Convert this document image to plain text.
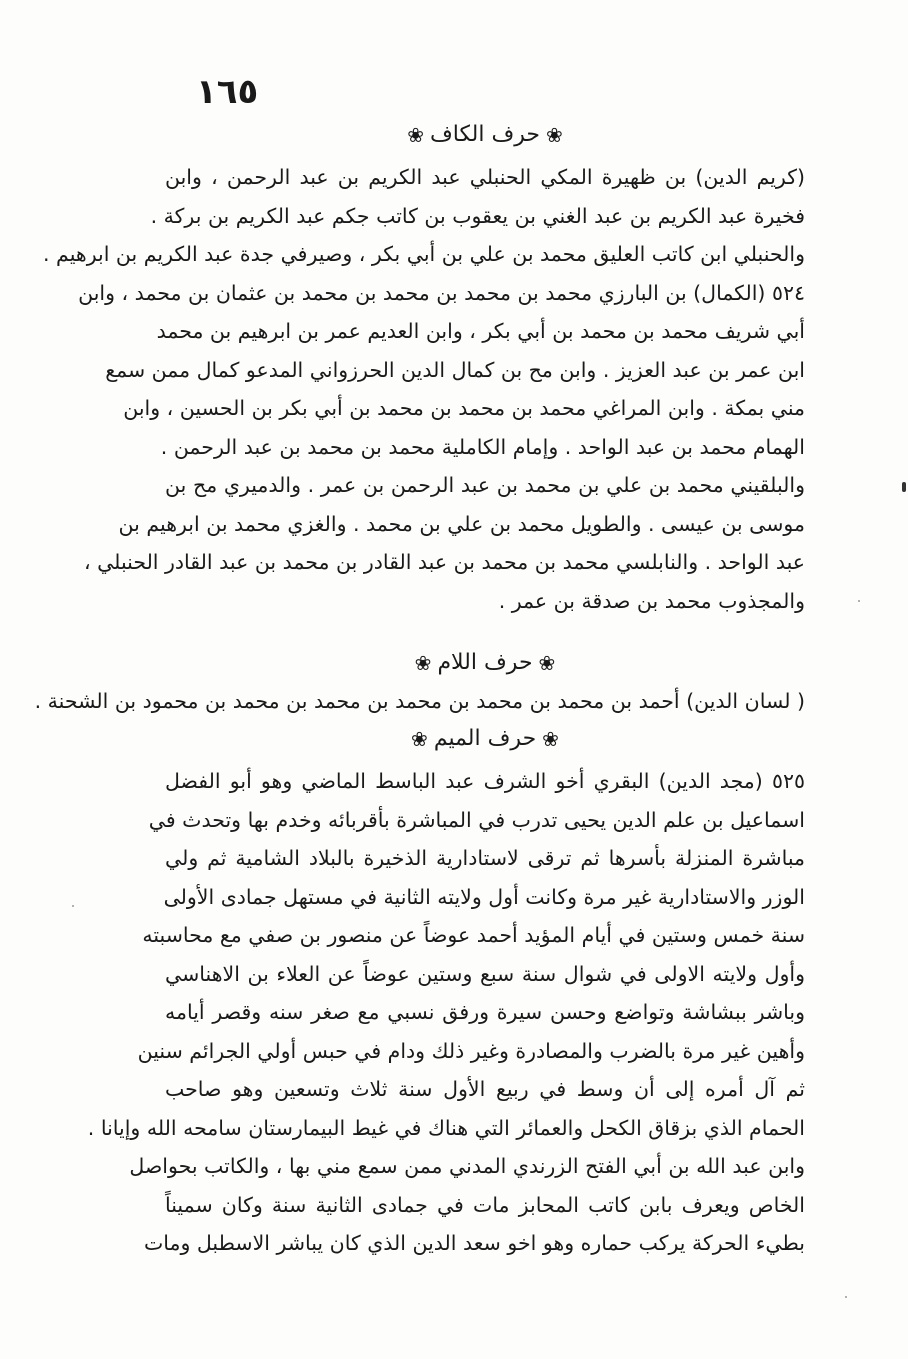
١٦٥
❀حرف الكاف❀
(كريم الدين) بن ظهيرة المكي الحنبلي عبد الكريم بن عبد الرحمن ، وابن
فخيرة عبد الكريم بن عبد الغني بن يعقوب بن كاتب جكم عبد الكريم بن بركة .
والحنبلي ابن كاتب العليق محمد بن علي بن أبي بكر ، وصيرفي جدة عبد الكريم بن ابرهيم .
٥٢٤ (الكمال) بن البارزي محمد بن محمد بن محمد بن محمد بن عثمان بن محمد ، وابن
أبي شريف محمد بن محمد بن أبي بكر ، وابن العديم عمر بن ابرهيم بن محمد
ابن عمر بن عبد العزيز . وابن مح بن كمال الدين الحرزواني المدعو كمال ممن سمع
مني بمكة . وابن المراغي محمد بن محمد بن محمد بن أبي بكر بن الحسين ، وابن
الهمام محمد بن عبد الواحد . وإمام الكاملية محمد بن محمد بن عبد الرحمن .
والبلقيني محمد بن علي بن محمد بن عبد الرحمن بن عمر . والدميري مح بن
موسى بن عيسى . والطويل محمد بن علي بن محمد . والغزي محمد بن ابرهيم بن
عبد الواحد . والنابلسي محمد بن محمد بن عبد القادر بن محمد بن عبد القادر الحنبلي ،
والمجذوب محمد بن صدقة بن عمر .
❀حرف اللام❀
( لسان الدين) أحمد بن محمد بن محمد بن محمد بن محمد بن محمد بن محمود بن الشحنة .
❀حرف الميم❀
٥٢٥ (مجد الدين) البقري أخو الشرف عبد الباسط الماضي وهو أبو الفضل
اسماعيل بن علم الدين يحيى تدرب في المباشرة بأقربائه وخدم بها وتحدث في
مباشرة المنزلة بأسرها ثم ترقى لاستادارية الذخيرة بالبلاد الشامية ثم ولي
الوزر والاستادارية غير مرة وكانت أول ولايته الثانية في مستهل جمادى الأولى
سنة خمس وستين في أيام المؤيد أحمد عوضاً عن منصور بن صفي مع محاسبته
وأول ولايته الاولى في شوال سنة سبع وستين عوضاً عن العلاء بن الاهناسي
وباشر ببشاشة وتواضع وحسن سيرة ورفق نسبي مع صغر سنه وقصر أيامه
وأهين غير مرة بالضرب والمصادرة وغير ذلك ودام في حبس أولي الجرائم سنين
ثم آل أمره إلى أن وسط في ربيع الأول سنة ثلاث وتسعين وهو صاحب
الحمام الذي بزقاق الكحل والعمائر التي هناك في غيط البيمارستان سامحه الله وإيانا .
وابن عبد الله بن أبي الفتح الزرندي المدني ممن سمع مني بها ، والكاتب بحواصل
الخاص ويعرف بابن كاتب المحابز مات في جمادى الثانية سنة وكان سميناً
بطيء الحركة يركب حماره وهو اخو سعد الدين الذي كان يباشر الاسطبل ومات
